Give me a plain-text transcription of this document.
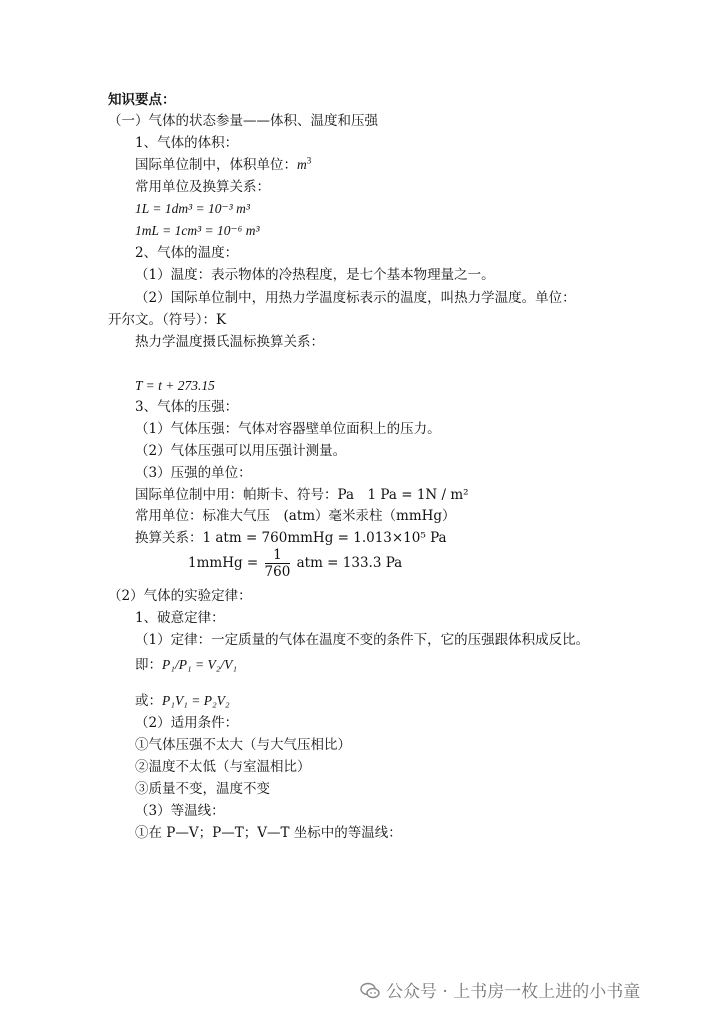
知识要点：
（一）气体的状态参量——体积、温度和压强
1、气体的体积：
国际单位制中，体积单位：$m^3$
常用单位及换算关系：
1L = 1dm³ = 10⁻³ m³
1mL = 1cm³ = 10⁻⁶ m³
2、气体的温度：
（1）温度：表示物体的冷热程度，是七个基本物理量之一。
（2）国际单位制中，用热力学温度标表示的温度，叫热力学温度。单位：
开尔文。（符号）：K
热力学温度摄氏温标换算关系：
T = t + 273.15
3、气体的压强：
（1）气体压强：气体对容器壁单位面积上的压力。
（2）气体压强可以用压强计测量。
（3）压强的单位：
国际单位制中用：帕斯卡、符号：Pa　1 Pa = 1N / m²
常用单位：标准大气压　(atm）毫米汞柱（mmHg）
换算关系：1 atm = 760mmHg = 1.013×10⁵ Pa
1mmHg = $\frac{1}{760}$ atm = 133.3 Pa
（2）气体的实验定律：
1、破意定律：
（1）定律：一定质量的气体在温度不变的条件下，它的压强跟体积成反比。
即：P₁/P₁ = V₂/V₁
或：P₁V₁ = P₂V₂
（2）适用条件：
①气体压强不太大（与大气压相比）
②温度不太低（与室温相比）
③质量不变，温度不变
（3）等温线：
①在 P—V；P—T；V—T 坐标中的等温线：
公众号 · 上书房一枚上进的小书童
